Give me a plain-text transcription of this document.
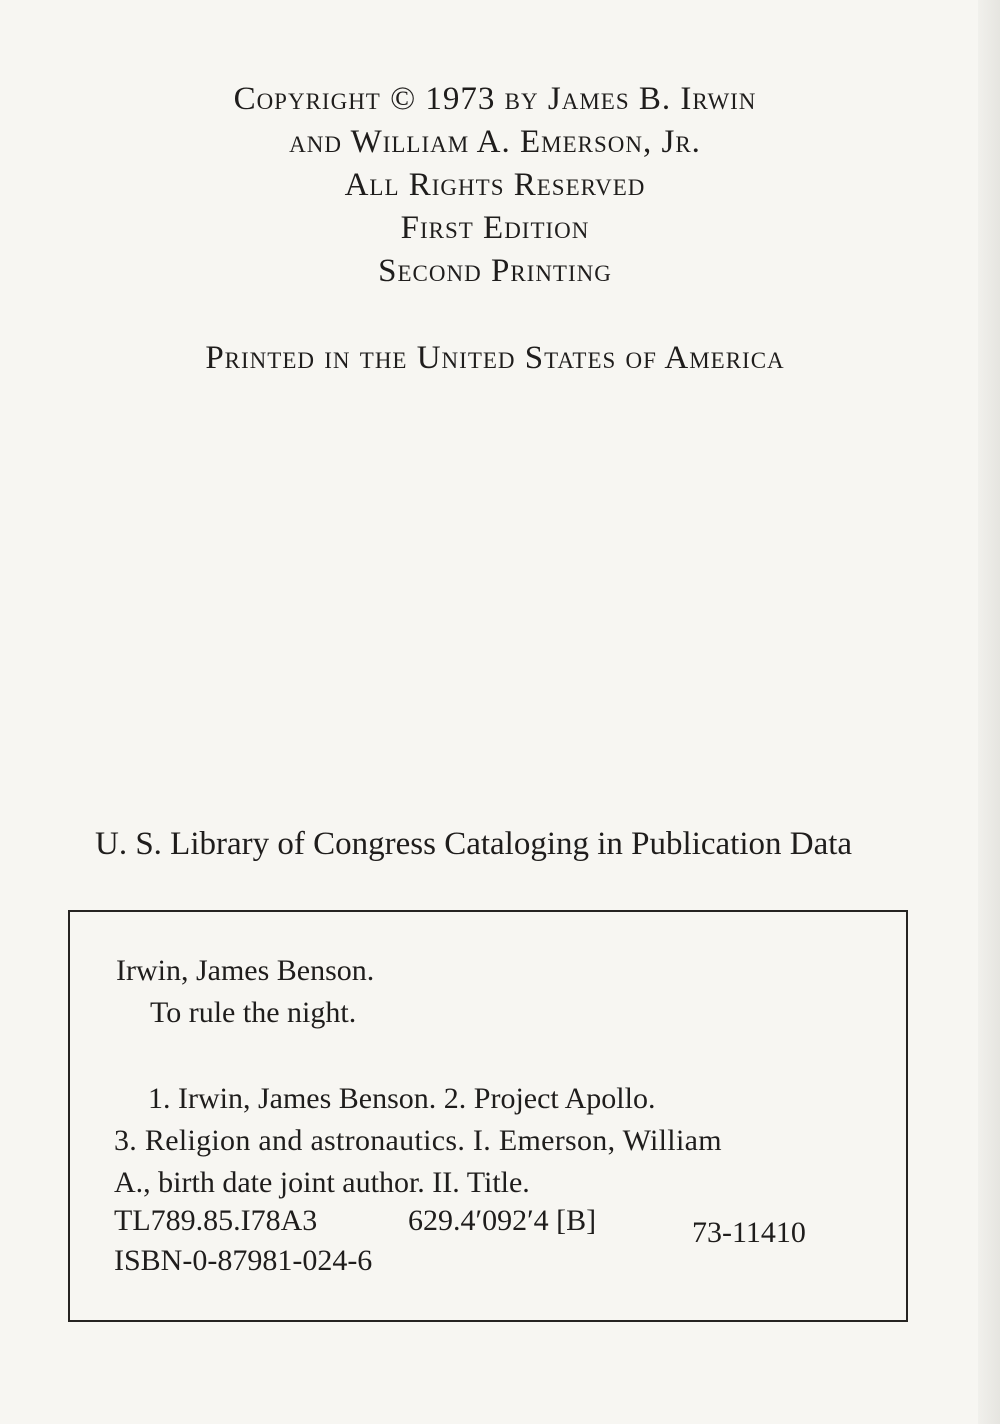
Copyright © 1973 by James B. Irwin
and William A. Emerson, Jr.
All Rights Reserved
First Edition
Second Printing
Printed in the United States of America
U. S. Library of Congress Cataloging in Publication Data
Irwin, James Benson.
To rule the night.
1. Irwin, James Benson. 2. Project Apollo.
3. Religion and astronautics. I. Emerson, William
A., birth date joint author. II. Title.
TL789.85.I78A3	629.4′092′4 [B]	73-11410
ISBN-0-87981-024-6
